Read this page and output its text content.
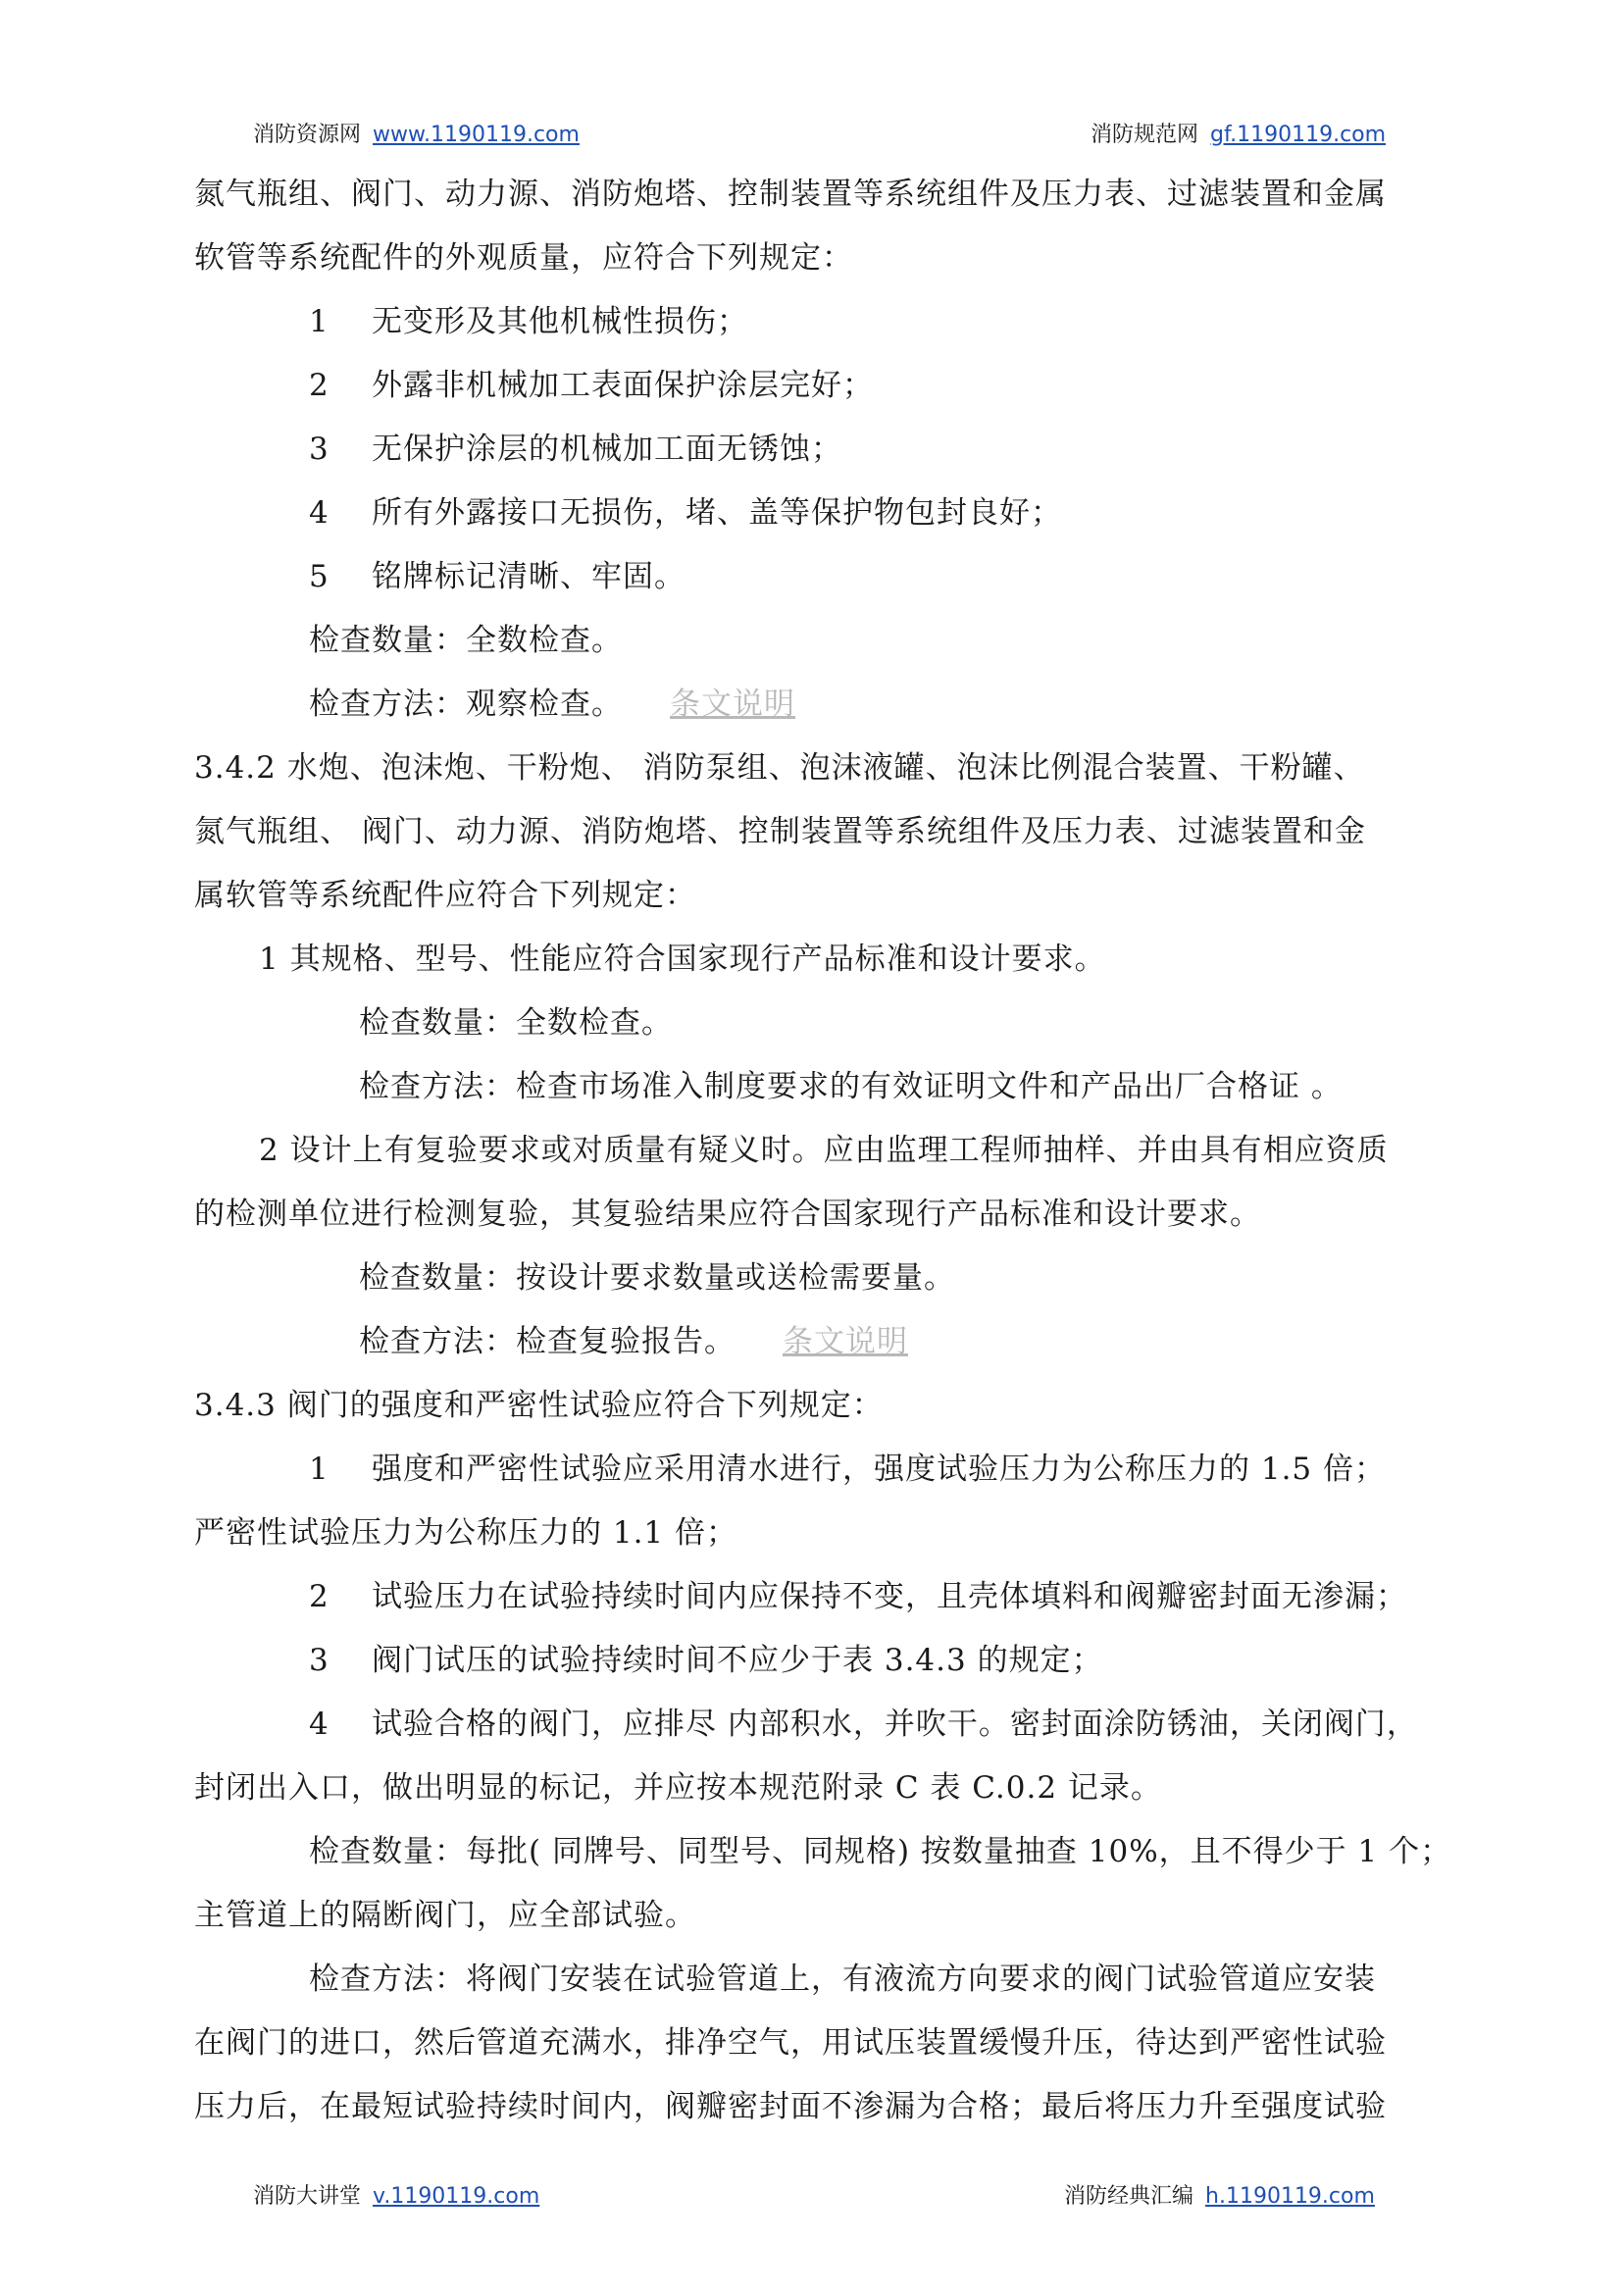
消防资源网 www.1190119.com	消防规范网 gf.1190119.com
氮气瓶组、阀门、动力源、消防炮塔、控制装置等系统组件及压力表、过滤装置和金属
软管等系统配件的外观质量，应符合下列规定：
1 无变形及其他机械性损伤；
2 外露非机械加工表面保护涂层完好；
3 无保护涂层的机械加工面无锈蚀；
4 所有外露接口无损伤，堵、盖等保护物包封良好；
5 铭牌标记清晰、牢固。
检查数量：全数检查。
检查方法：观察检查。 条文说明
3.4.2 水炮、泡沫炮、干粉炮、 消防泵组、泡沫液罐、泡沫比例混合装置、干粉罐、
氮气瓶组、 阀门、动力源、消防炮塔、控制装置等系统组件及压力表、过滤装置和金
属软管等系统配件应符合下列规定：
1 其规格、型号、性能应符合国家现行产品标准和设计要求。
检查数量：全数检查。
检查方法：检查市场准入制度要求的有效证明文件和产品出厂合格证 。
2 设计上有复验要求或对质量有疑义时。应由监理工程师抽样、并由具有相应资质
的检测单位进行检测复验，其复验结果应符合国家现行产品标准和设计要求。
检查数量：按设计要求数量或送检需要量。
检查方法：检查复验报告。 条文说明
3.4.3 阀门的强度和严密性试验应符合下列规定：
1 强度和严密性试验应采用清水进行，强度试验压力为公称压力的 1.5 倍；
严密性试验压力为公称压力的 1.1 倍；
2 试验压力在试验持续时间内应保持不变，且壳体填料和阀瓣密封面无渗漏；
3 阀门试压的试验持续时间不应少于表 3.4.3 的规定；
4 试验合格的阀门，应排尽 内部积水，并吹干。密封面涂防锈油，关闭阀门，
封闭出入口，做出明显的标记，并应按本规范附录 C 表 C.0.2 记录。
检查数量：每批( 同牌号、同型号、同规格) 按数量抽查 10%，且不得少于 1 个；
主管道上的隔断阀门，应全部试验。
检查方法：将阀门安装在试验管道上，有液流方向要求的阀门试验管道应安装
在阀门的进口，然后管道充满水，排净空气，用试压装置缓慢升压，待达到严密性试验
压力后，在最短试验持续时间内，阀瓣密封面不渗漏为合格；最后将压力升至强度试验
消防大讲堂 v.1190119.com	消防经典汇编 h.1190119.com
